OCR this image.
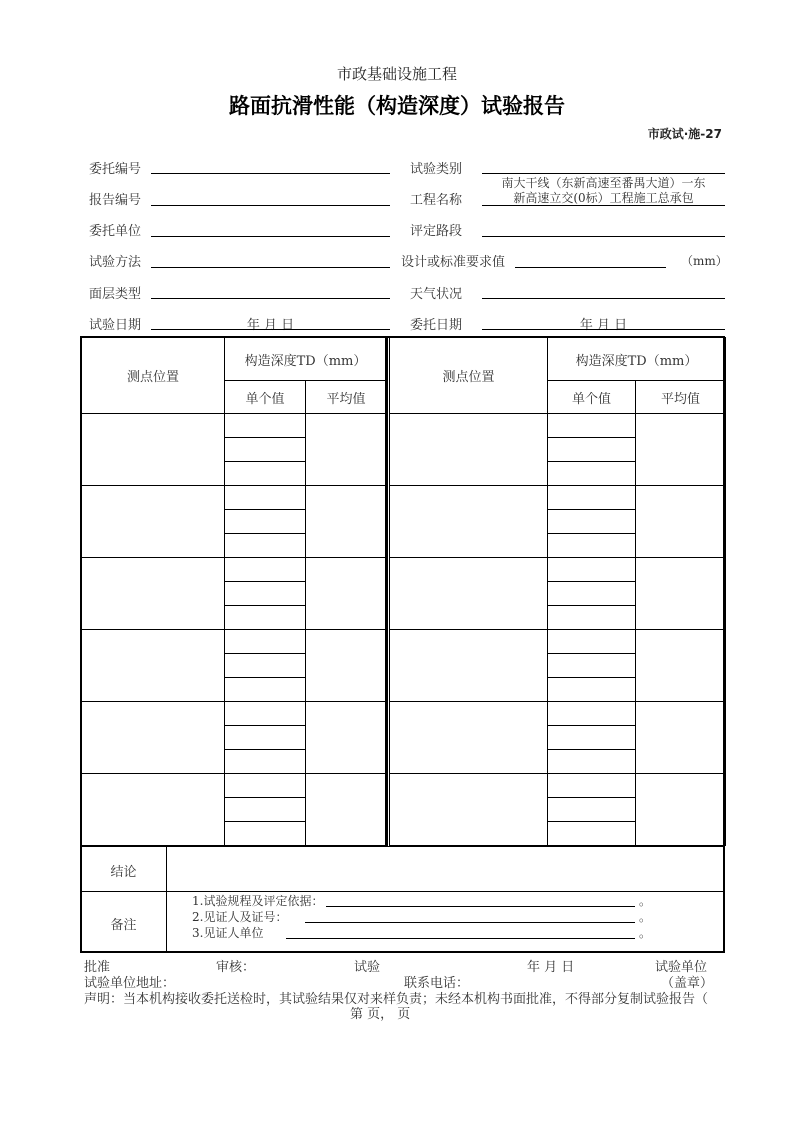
市政基础设施工程
路面抗滑性能（构造深度）试验报告
市政试·施-27
委托编号	试验类别
报告编号	工程名称
南大干线（东新高速至番禺大道）一东
新高速立交(0标）工程施工总承包
委托单位	评定路段
试验方法	设计或标准要求值	（mm）
面层类型	天气状况
试验日期	年 月 日	委托日期	年 月 日
测点位置	构造深度TD（mm）			测点位置	构造深度TD（mm）	
	单个值	平均值			单个值	平均值

结论
备注
1.试验规程及评定依据：	。
2.见证人及证号：	。
3.见证人单位	。
批准	审核：	试验	年 月 日	试验单位
试验单位地址：	联系电话：	（盖章）
声明：当本机构接收委托送检时，其试验结果仅对来样负责；未经本机构书面批准，不得部分复制试验报告（
第 页， 页
